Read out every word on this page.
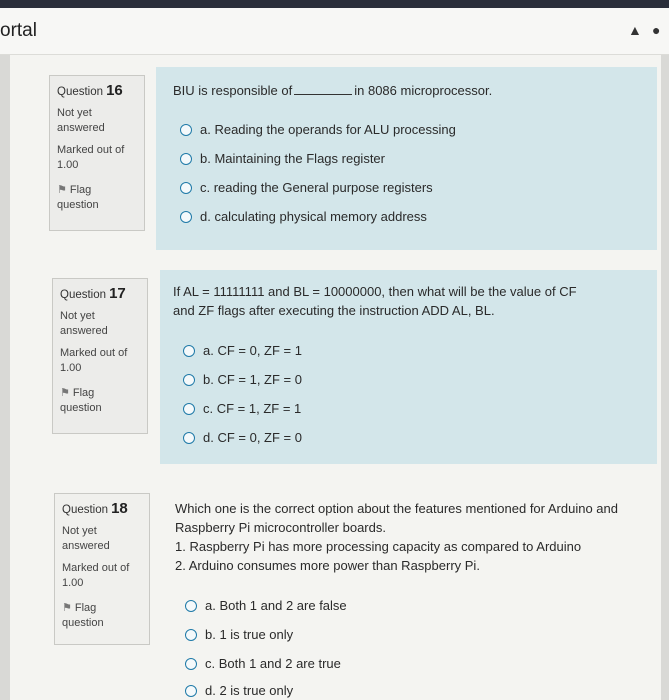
ortal	▲ ●
Question 16
Not yet
answered
Marked out of
1.00
⚑ Flag
question
BIU is responsible of	in 8086 microprocessor.
a. Reading the operands for ALU processing
b. Maintaining the Flags register
c. reading the General purpose registers
d. calculating physical memory address
Question 17
Not yet
answered
Marked out of
1.00
⚑ Flag
question
If AL = 11111111 and BL = 10000000, then what will be the value of CF
and ZF flags after executing the instruction ADD AL, BL.
a. CF = 0, ZF = 1
b. CF = 1, ZF = 0
c. CF = 1, ZF = 1
d. CF = 0, ZF = 0
Question 18
Not yet
answered
Marked out of
1.00
⚑ Flag
question
Which one is the correct option about the features mentioned for Arduino and
Raspberry Pi microcontroller boards.
1. Raspberry Pi has more processing capacity as compared to Arduino
2. Arduino consumes more power than Raspberry Pi.
a. Both 1 and 2 are false
b. 1 is true only
c. Both 1 and 2 are true
d. 2 is true only
